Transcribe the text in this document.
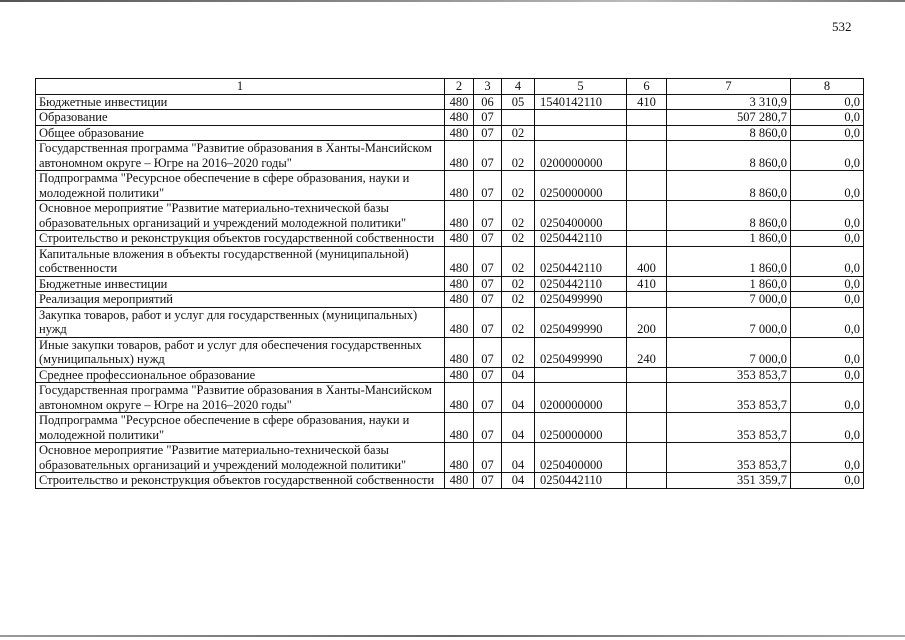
532
1	2	3	4	5	6	7	8
Бюджетные инвестиции	480	06	05	1540142110	410	3 310,9	0,0
Образование	480	07				507 280,7	0,0
Общее образование	480	07	02			8 860,0	0,0
Государственная программа "Развитие образования в Ханты-Мансийском автономном округе – Югре на 2016–2020 годы"	480	07	02	0200000000		8 860,0	0,0
Подпрограмма "Ресурсное обеспечение в сфере образования, науки и молодежной политики"	480	07	02	0250000000		8 860,0	0,0
Основное мероприятие "Развитие материально-технической базы образовательных организаций и учреждений молодежной политики"	480	07	02	0250400000		8 860,0	0,0
Строительство и реконструкция объектов государственной собственности	480	07	02	0250442110		1 860,0	0,0
Капитальные вложения в объекты государственной (муниципальной) собственности	480	07	02	0250442110	400	1 860,0	0,0
Бюджетные инвестиции	480	07	02	0250442110	410	1 860,0	0,0
Реализация мероприятий	480	07	02	0250499990		7 000,0	0,0
Закупка товаров, работ и услуг для государственных (муниципальных) нужд	480	07	02	0250499990	200	7 000,0	0,0
Иные закупки товаров, работ и услуг для обеспечения государственных (муниципальных) нужд	480	07	02	0250499990	240	7 000,0	0,0
Среднее профессиональное образование	480	07	04			353 853,7	0,0
Государственная программа "Развитие образования в Ханты-Мансийском автономном округе – Югре на 2016–2020 годы"	480	07	04	0200000000		353 853,7	0,0
Подпрограмма "Ресурсное обеспечение в сфере образования, науки и молодежной политики"	480	07	04	0250000000		353 853,7	0,0
Основное мероприятие "Развитие материально-технической базы образовательных организаций и учреждений молодежной политики"	480	07	04	0250400000		353 853,7	0,0
Строительство и реконструкция объектов государственной собственности	480	07	04	0250442110		351 359,7	0,0
